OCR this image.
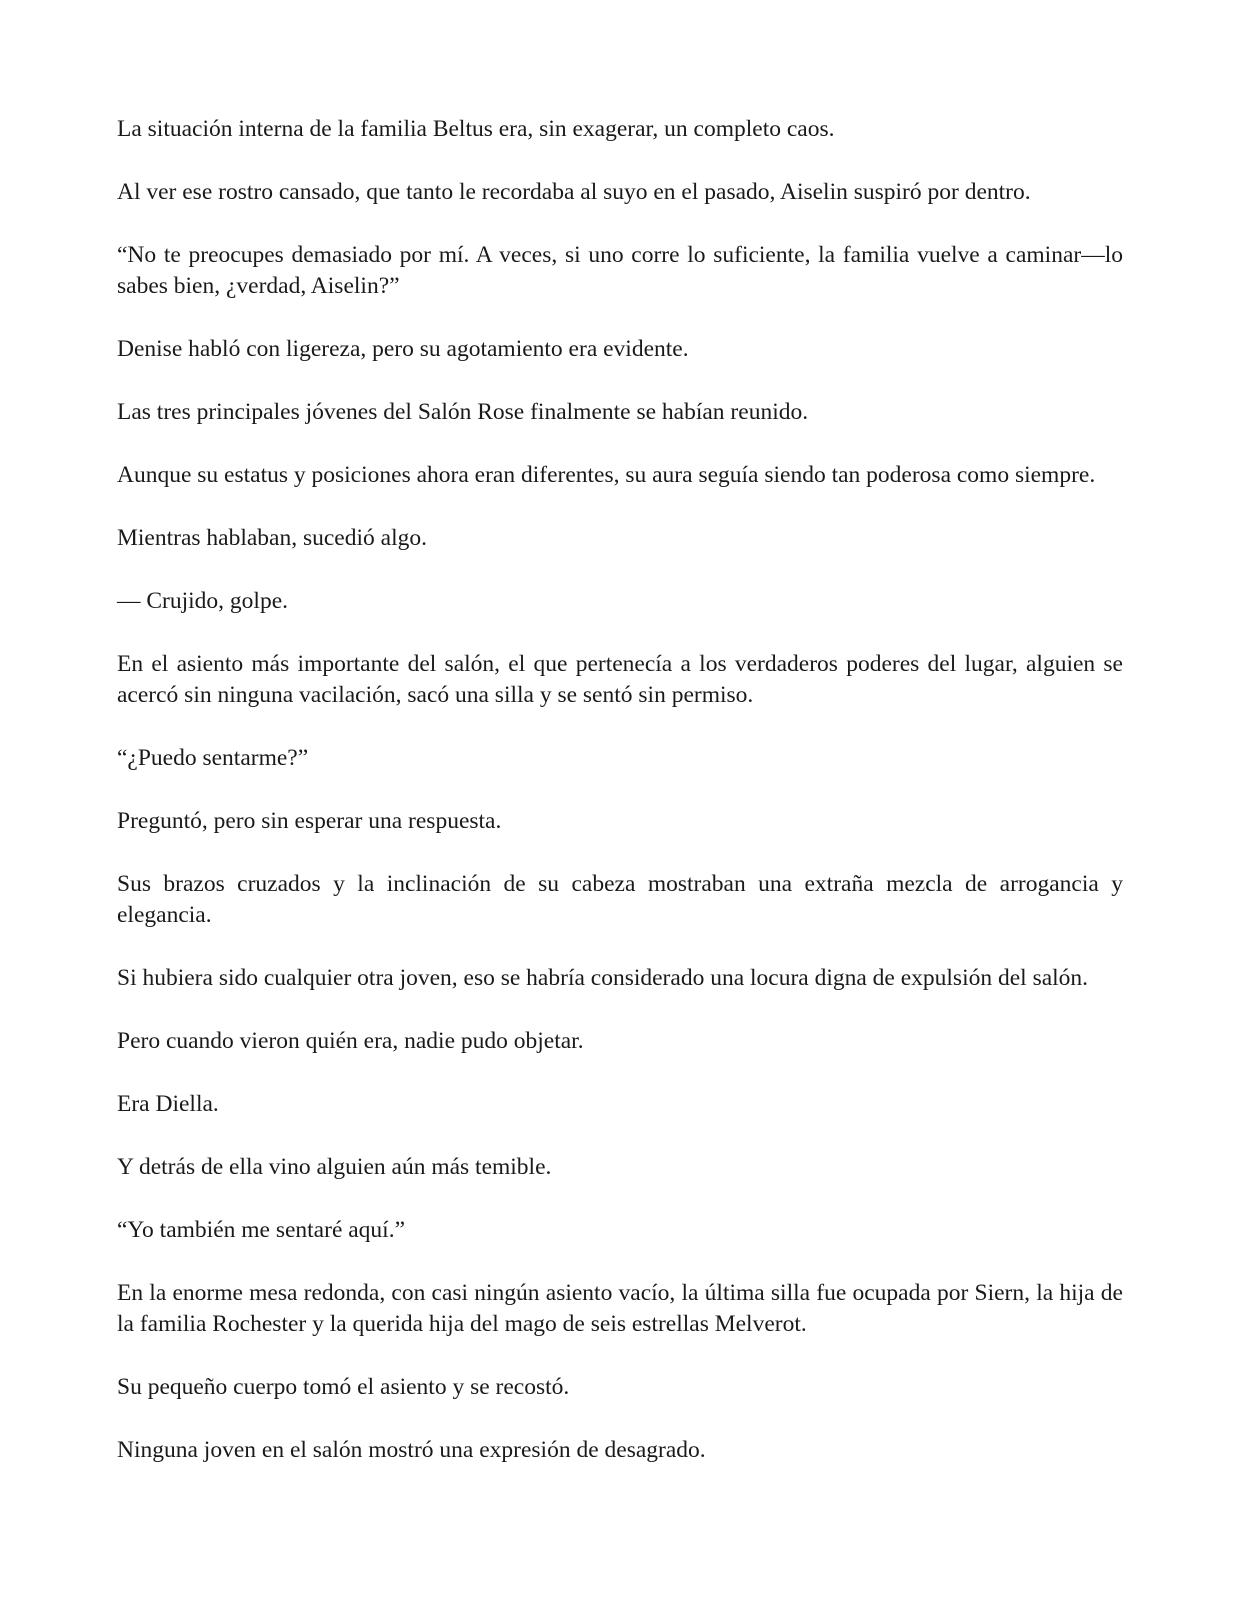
La situación interna de la familia Beltus era, sin exagerar, un completo caos.

Al ver ese rostro cansado, que tanto le recordaba al suyo en el pasado, Aiselin suspiró por dentro.

“No te preocupes demasiado por mí. A veces, si uno corre lo suficiente, la familia vuelve a caminar—lo sabes bien, ¿verdad, Aiselin?”

Denise habló con ligereza, pero su agotamiento era evidente.

Las tres principales jóvenes del Salón Rose finalmente se habían reunido.

Aunque su estatus y posiciones ahora eran diferentes, su aura seguía siendo tan poderosa como siempre.

Mientras hablaban, sucedió algo.

— Crujido, golpe.

En el asiento más importante del salón, el que pertenecía a los verdaderos poderes del lugar, alguien se acercó sin ninguna vacilación, sacó una silla y se sentó sin permiso.

“¿Puedo sentarme?”

Preguntó, pero sin esperar una respuesta.

Sus brazos cruzados y la inclinación de su cabeza mostraban una extraña mezcla de arrogancia y elegancia.

Si hubiera sido cualquier otra joven, eso se habría considerado una locura digna de expulsión del salón.

Pero cuando vieron quién era, nadie pudo objetar.

Era Diella.

Y detrás de ella vino alguien aún más temible.

“Yo también me sentaré aquí.”

En la enorme mesa redonda, con casi ningún asiento vacío, la última silla fue ocupada por Siern, la hija de la familia Rochester y la querida hija del mago de seis estrellas Melverot.

Su pequeño cuerpo tomó el asiento y se recostó.

Ninguna joven en el salón mostró una expresión de desagrado.
